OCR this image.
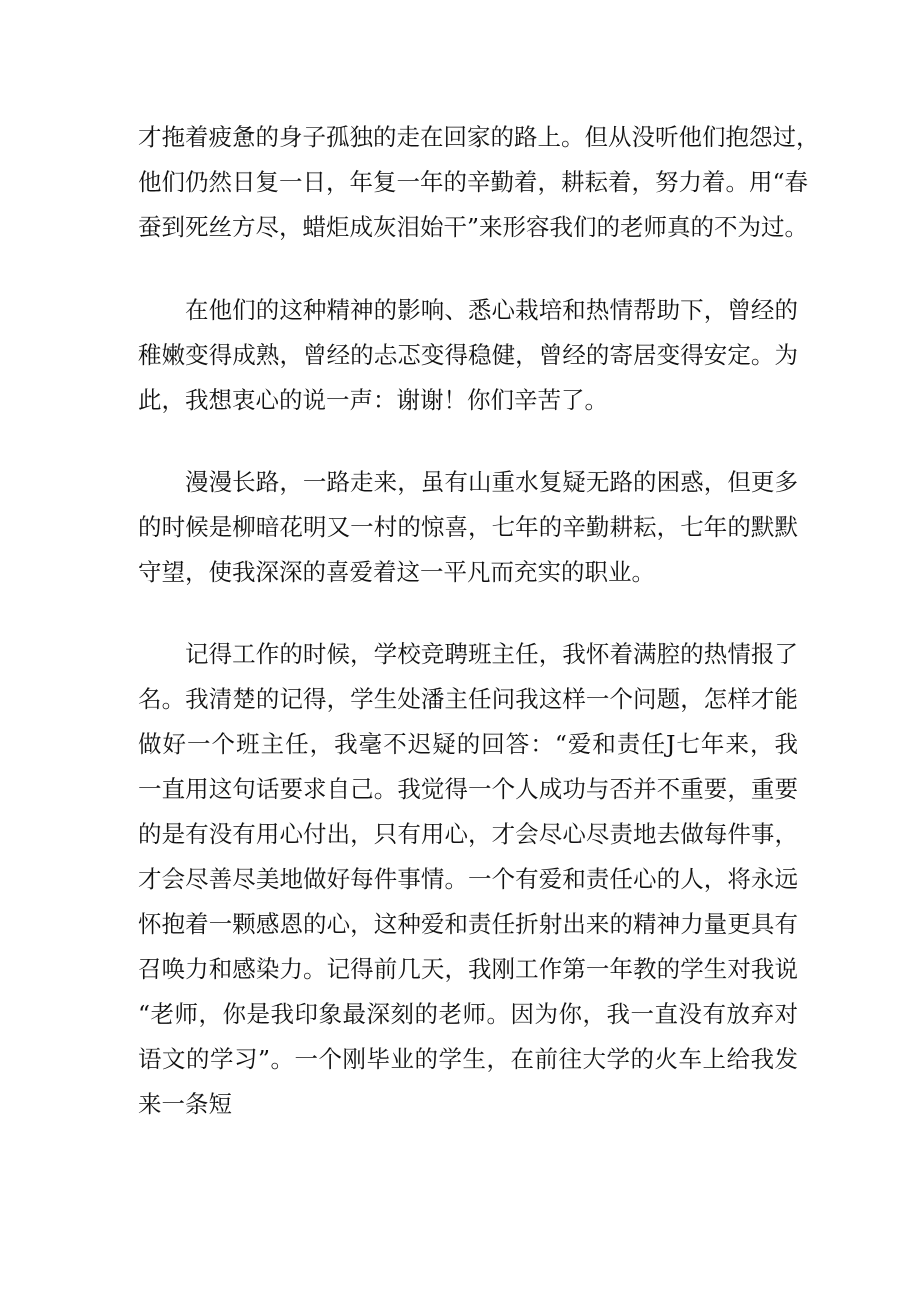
才拖着疲惫的身子孤独的走在回家的路上。但从没听他们抱怨过，
他们仍然日复一日，年复一年的辛勤着，耕耘着，努力着。用“春
蚕到死丝方尽，蜡炬成灰泪始干”来形容我们的老师真的不为过。
在他们的这种精神的影响、悉心栽培和热情帮助下，曾经的
稚嫩变得成熟，曾经的忐忑变得稳健，曾经的寄居变得安定。为
此，我想衷心的说一声：谢谢！你们辛苦了。
漫漫长路，一路走来，虽有山重水复疑无路的困惑，但更多
的时候是柳暗花明又一村的惊喜，七年的辛勤耕耘，七年的默默
守望，使我深深的喜爱着这一平凡而充实的职业。
记得工作的时候，学校竞聘班主任，我怀着满腔的热情报了
名。我清楚的记得，学生处潘主任问我这样一个问题，怎样才能
做好一个班主任，我毫不迟疑的回答：“爱和责任J七年来，我
一直用这句话要求自己。我觉得一个人成功与否并不重要，重要
的是有没有用心付出，只有用心，才会尽心尽责地去做每件事，
才会尽善尽美地做好每件事情。一个有爱和责任心的人，将永远
怀抱着一颗感恩的心，这种爱和责任折射出来的精神力量更具有
召唤力和感染力。记得前几天，我刚工作第一年教的学生对我说
“老师，你是我印象最深刻的老师。因为你，我一直没有放弃对
语文的学习”。一个刚毕业的学生，在前往大学的火车上给我发
来一条短
